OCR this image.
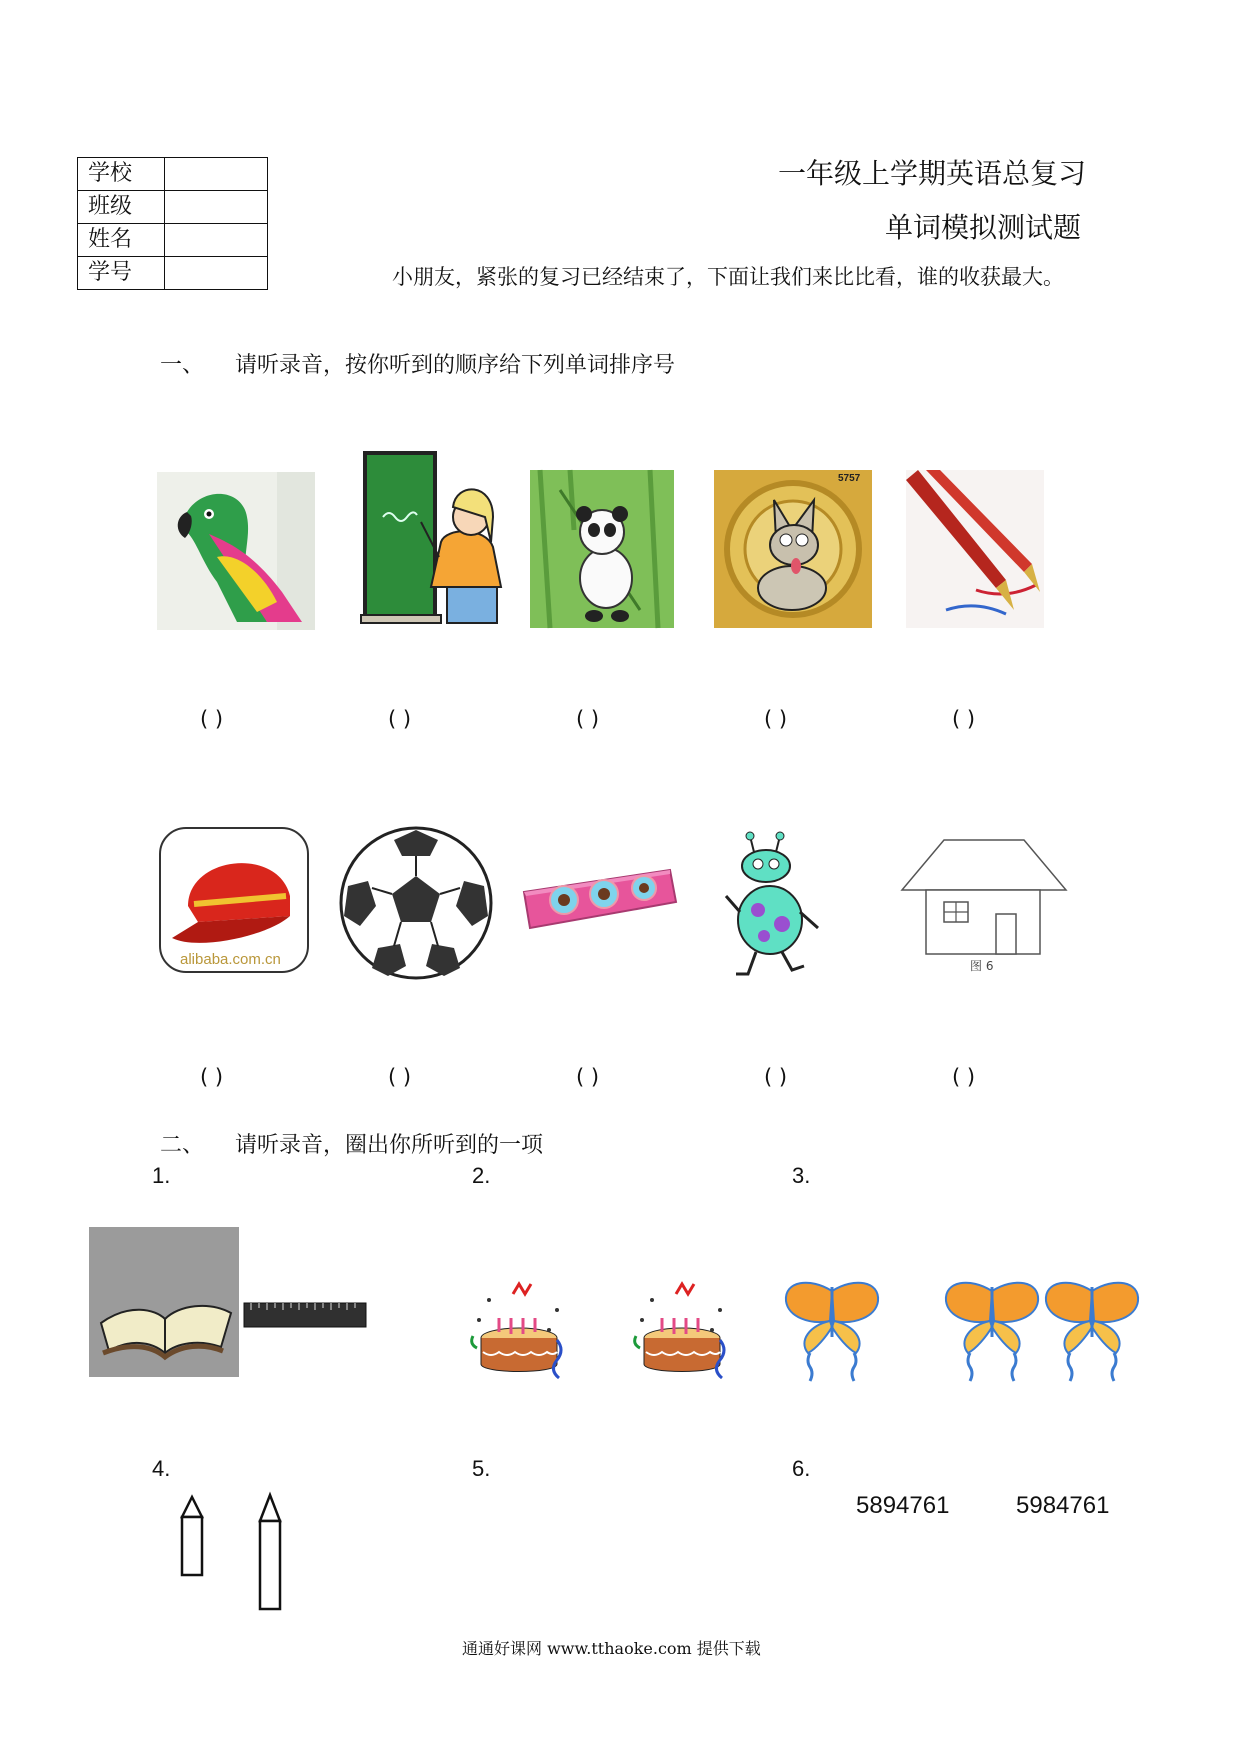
学校	
班级	
姓名	
学号	
一年级上学期英语总复习
单词模拟测试题
小朋友，紧张的复习已经结束了，下面让我们来比比看，谁的收获最大。
一、 请听录音，按你听到的顺序给下列单词排序号
5757
( )	( )	( )	( )	( )
alibaba.com.cn	图 6
( )	( )	( )	( )	( )
二、 请听录音，圈出你所听到的一项
1.	2.	3.
4.	5.	6.
5894761	5984761
通通好课网 www.tthaoke.com 提供下载
